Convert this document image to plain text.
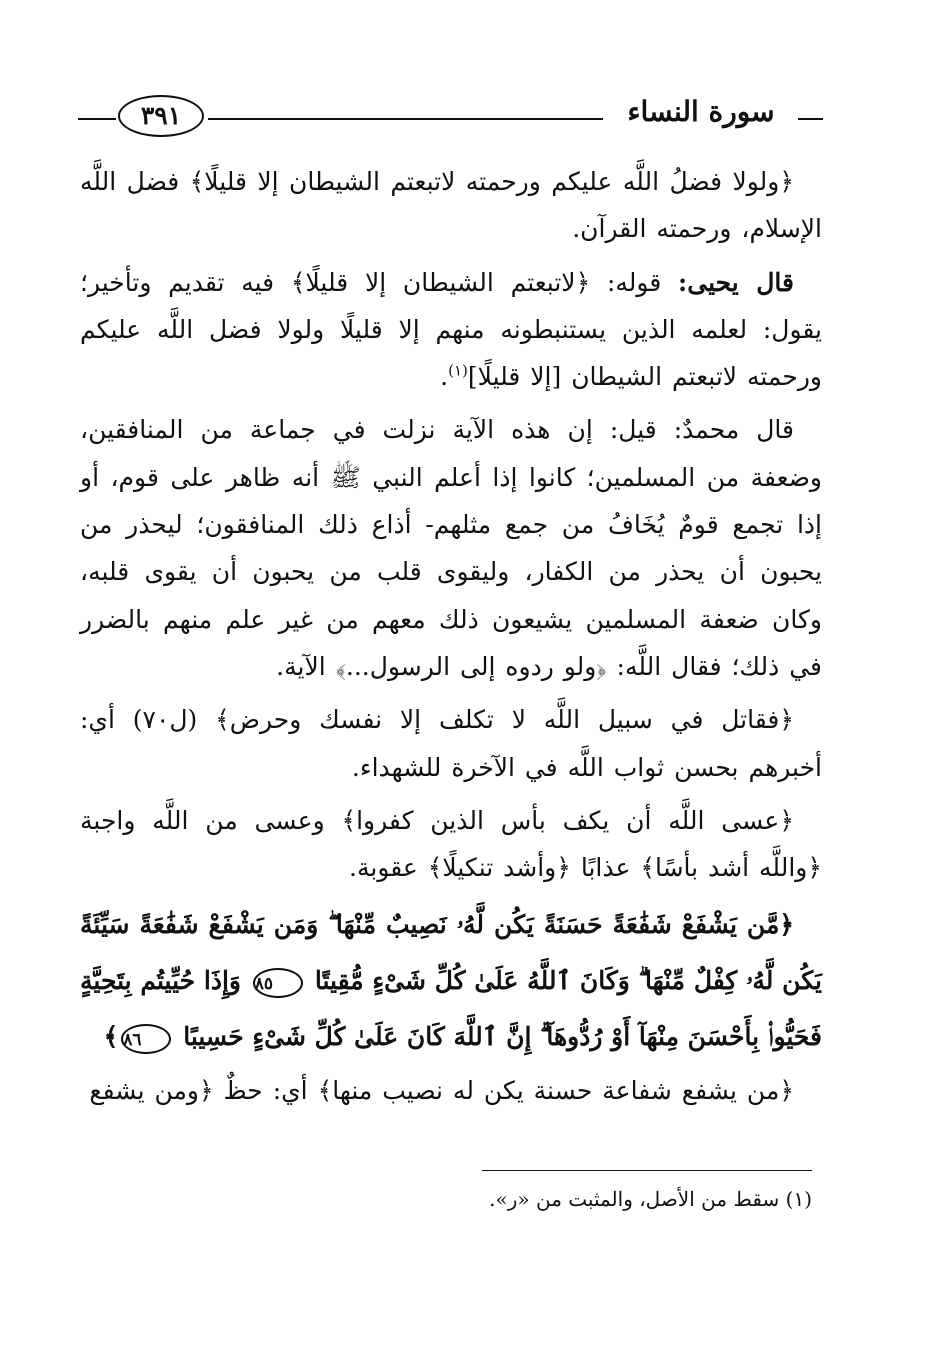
٣٩١	سورة النساء

﴿ولولا فضلُ اللَّه عليكم ورحمته لاتبعتم الشيطان إلا قليلًا﴾ فضل اللَّه الإسلام، ورحمته القرآن.

قال يحيى: قوله: ﴿لاتبعتم الشيطان إلا قليلًا﴾ فيه تقديم وتأخير؛ يقول: لعلمه الذين يستنبطونه منهم إلا قليلًا ولولا فضل اللَّه عليكم ورحمته لاتبعتم الشيطان [إلا قليلًا]$^{(١)}$.

قال محمدٌ: قيل: إن هذه الآية نزلت في جماعة من المنافقين، وضعفة من المسلمين؛ كانوا إذا أعلم النبي ﷺ أنه ظاهر على قوم، أو إذا تجمع قومٌ يُخَافُ من جمع مثلهم- أذاع ذلك المنافقون؛ ليحذر من يحبون أن يحذر من الكفار، وليقوى قلب من يحبون أن يقوى قلبه، وكان ضعفة المسلمين يشيعون ذلك معهم من غير علم منهم بالضرر في ذلك؛ فقال اللَّه: ﴿ولو ردوه إلى الرسول...﴾ الآية.

﴿فقاتل في سبيل اللَّه لا تكلف إلا نفسك وحرض﴾ (ل٧٠) أي: أخبرهم بحسن ثواب اللَّه في الآخرة للشهداء.

﴿عسى اللَّه أن يكف بأس الذين كفروا﴾ وعسى من اللَّه واجبة ﴿واللَّه أشد بأسًا﴾ عذابًا ﴿وأشد تنكيلًا﴾ عقوبة.

﴿مَّن يَشْفَعْ شَفَٰعَةً حَسَنَةً يَكُن لَّهُۥ نَصِيبٌ مِّنْهَا ۖ وَمَن يَشْفَعْ شَفَٰعَةً سَيِّئَةً يَكُن لَّهُۥ كِفْلٌ مِّنْهَا ۗ وَكَانَ ٱللَّهُ عَلَىٰ كُلِّ شَىْءٍ مُّقِيتًا ٨٥ وَإِذَا حُيِّيتُم بِتَحِيَّةٍ فَحَيُّوا۟ بِأَحْسَنَ مِنْهَآ أَوْ رُدُّوهَآ ۗ إِنَّ ٱللَّهَ كَانَ عَلَىٰ كُلِّ شَىْءٍ حَسِيبًا ٨٦﴾

﴿من يشفع شفاعة حسنة يكن له نصيب منها﴾ أي: حظٌ ﴿ومن يشفع

(١) سقط من الأصل، والمثبت من «ر».
